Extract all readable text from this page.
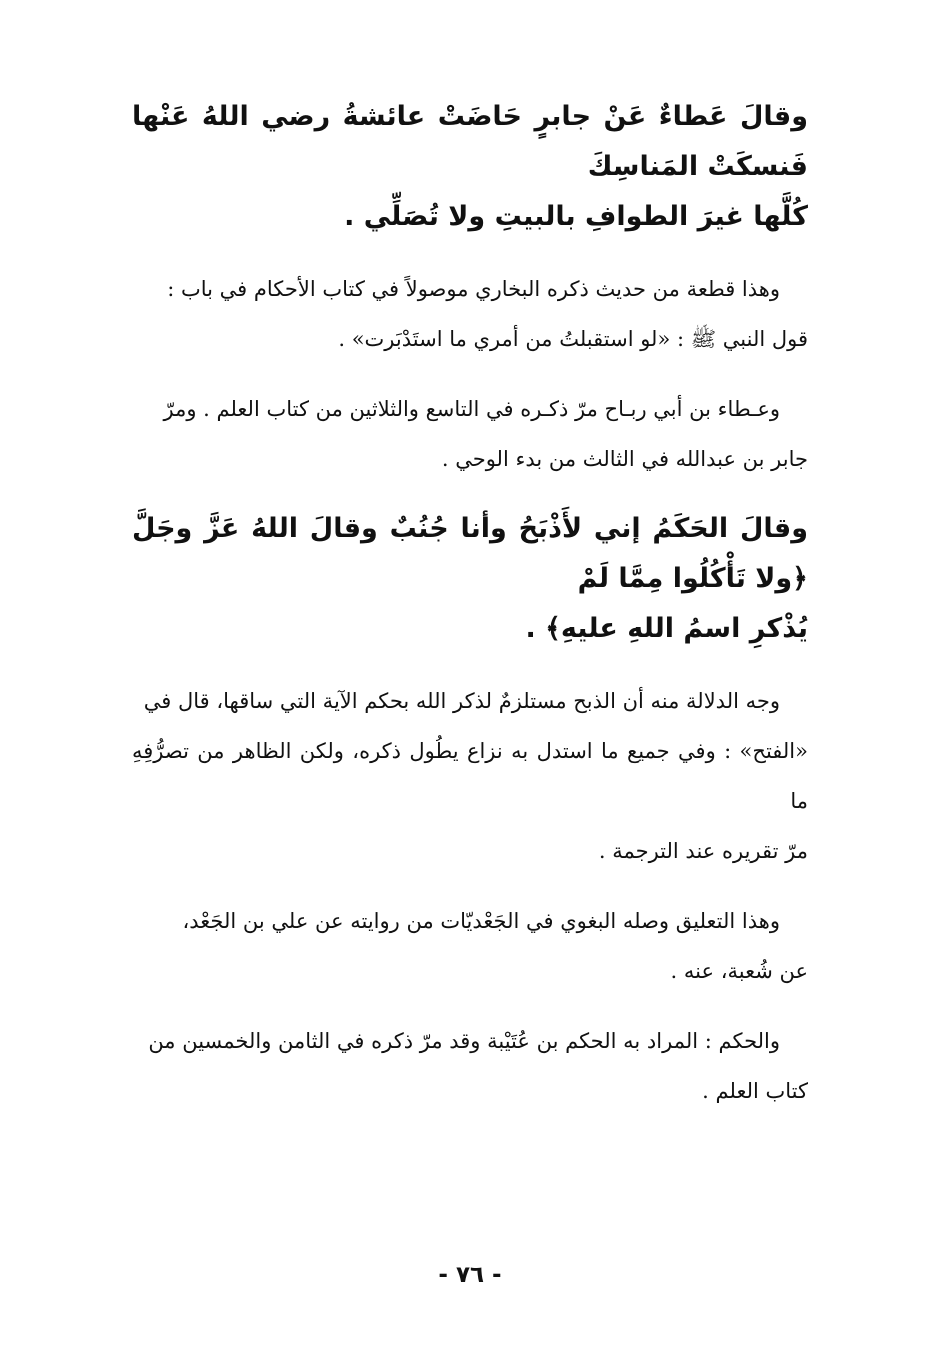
وقالَ عَطاءٌ عَنْ جابرٍ حَاضَتْ عائشةُ رضي اللهُ عَنْها فَنسكَتْ المَناسِكَ

كُلَّها غيرَ الطوافِ بالبيتِ ولا تُصَلِّي .

وهذا قطعة من حديث ذكره البخاري موصولاً في كتاب الأحكام في باب :

قول النبي ﷺ : «لو استقبلتُ من أمري ما استَدْبَرت» .

وعـطاء بن أبي ربـاح مرّ ذكـره في التاسع والثلاثين من كتاب العلم . ومرّ

جابر بن عبدالله في الثالث من بدء الوحي .

وقالَ الحَكَمُ إني لأَذْبَحُ وأنا جُنُبٌ وقالَ اللهُ عَزَّ وجَلَّ ﴿ولا تَأْكُلُوا مِمَّا لَمْ

يُذْكرِ اسمُ اللهِ عليهِ﴾ .

وجه الدلالة منه أن الذبح مستلزمٌ لذكر الله بحكم الآية التي ساقها، قال في

«الفتح» : وفي جميع ما استدل به نزاع يطُول ذكره، ولكن الظاهر من تصرُّفِهِ ما

مرّ تقريره عند الترجمة .

وهذا التعليق وصله البغوي في الجَعْديّات من روايته عن علي بن الجَعْد،

عن شُعبة، عنه .

والحكم : المراد به الحكم بن عُتَيْبة وقد مرّ ذكره في الثامن والخمسين من

كتاب العلم .

- ٧٦ -
